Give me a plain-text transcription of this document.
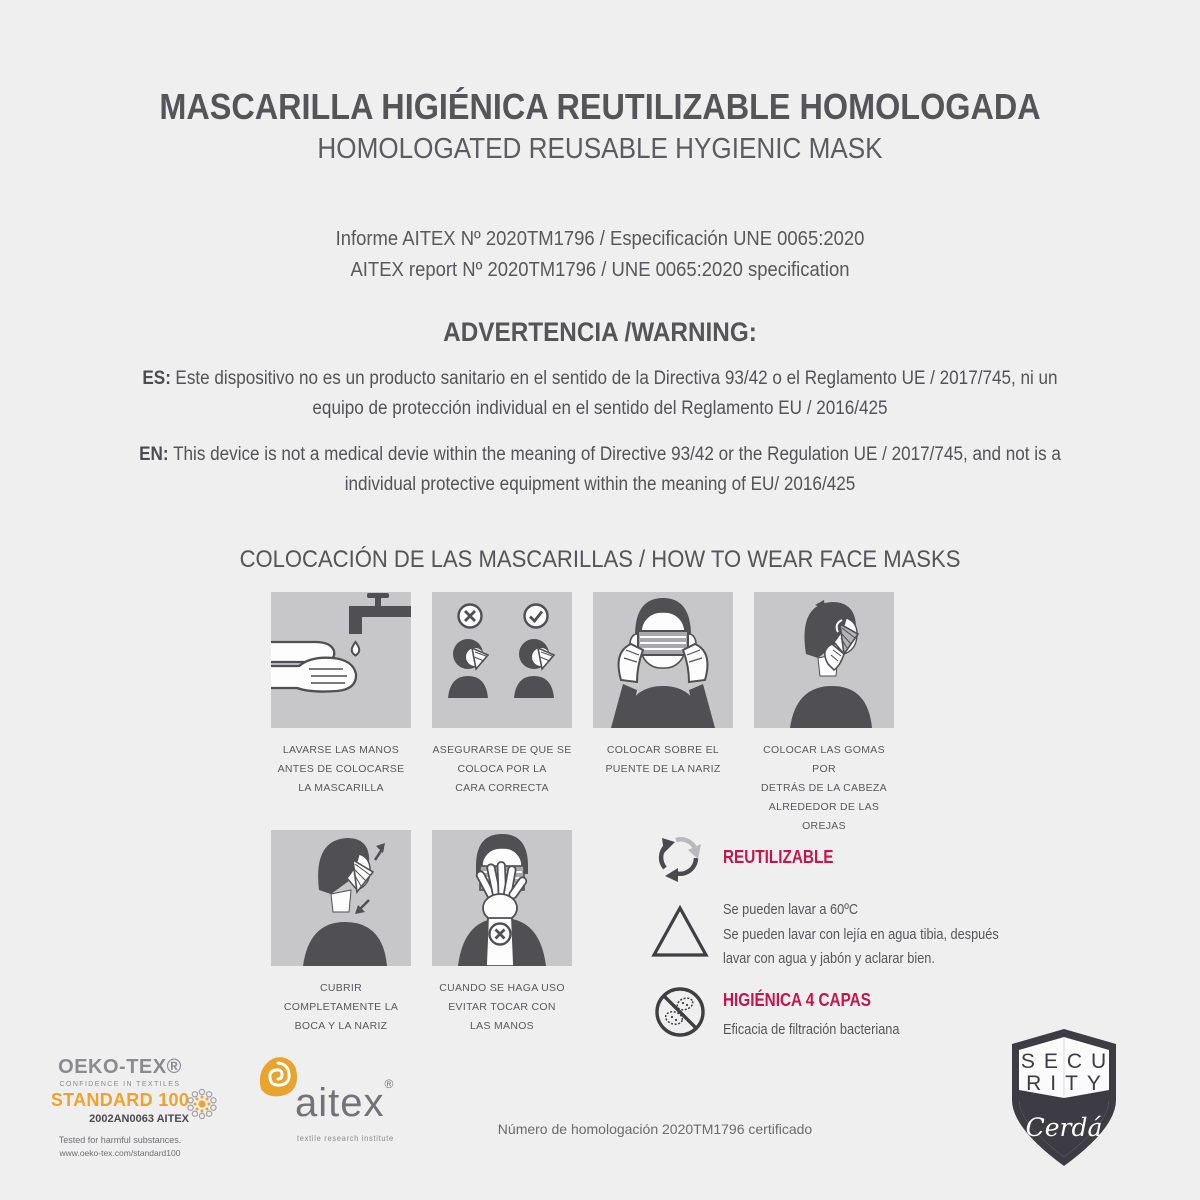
MASCARILLA HIGIÉNICA REUTILIZABLE HOMOLOGADA
HOMOLOGATED REUSABLE HYGIENIC MASK
Informe AITEX Nº 2020TM1796 / Especificación UNE 0065:2020
AITEX report Nº 2020TM1796 / UNE 0065:2020 specification
ADVERTENCIA /WARNING:
ES: Este dispositivo no es un producto sanitario en el sentido de la Directiva 93/42 o el Reglamento UE / 2017/745, ni un equipo de protección individual en el sentido del Reglamento EU / 2016/425
EN: This device is not a medical devie within the meaning of Directive 93/42 or the Regulation UE / 2017/745, and not is a individual protective equipment within the meaning of EU/ 2016/425
COLOCACIÓN DE LAS MASCARILLAS / HOW TO WEAR FACE MASKS
LAVARSE LAS MANOS
ANTES DE COLOCARSE
LA MASCARILLA
ASEGURARSE DE QUE SE
COLOCA POR LA
CARA CORRECTA
COLOCAR SOBRE EL
PUENTE DE LA NARIZ
COLOCAR LAS GOMAS POR
DETRÁS DE LA CABEZA
ALREDEDOR DE LAS OREJAS
CUBRIR
COMPLETAMENTE LA
BOCA Y LA NARIZ
CUANDO SE HAGA USO
EVITAR TOCAR CON
LAS MANOS
REUTILIZABLE
Se pueden lavar a 60ºC
Se pueden lavar con lejía en agua tibia, después
lavar con agua y jabón y aclarar bien.
HIGIÉNICA 4 CAPAS
Eficacia de filtración bacteriana
OEKO-TEX®
CONFIDENCE IN TEXTILES
STANDARD 100
2002AN0063 AITEX
Tested for harmful substances.
www.oeko-tex.com/standard100
aitex®
textile research institute
Número de homologación 2020TM1796 certificado
SECU
RITY
Cerdá
